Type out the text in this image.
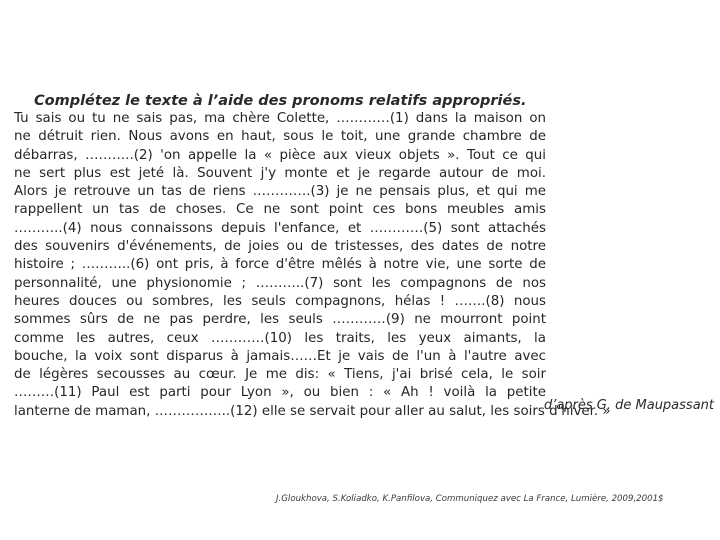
Complétez le texte à l’aide des pronoms relatifs appropriés.
Tu sais ou tu ne sais pas, ma chère Colette, …………(1) dans la maison on
ne détruit rien. Nous avons en haut, sous le toit, une grande chambre de
débarras, ………..(2) 'on appelle la « pièce aux vieux objets ». Tout ce qui
ne sert plus est jeté là. Souvent j'y monte et je regarde autour de moi.
Alors je retrouve un tas de riens ………….(3) je ne pensais plus, et qui me
rappellent un tas de choses. Ce ne sont point ces bons meubles amis
………..(4) nous connaissons depuis l'enfance, et …………(5) sont attachés
des souvenirs d'événements, de joies ou de tristesses, des dates de notre
histoire ; ………..(6) ont pris, à force d'être mêlés à notre vie, une sorte de
personnalité, une physionomie ; ………..(7) sont les compagnons de nos
heures douces ou sombres, les seuls compagnons, hélas ! …….(8) nous
sommes sûrs de ne pas perdre, les seuls …………(9) ne mourront point
comme les autres, ceux …………(10) les traits, les yeux aimants, la
bouche, la voix sont disparus à jamais……Et je vais de l'un à l'autre avec
de légères secousses au cœur. Je me dis: « Tiens, j'ai brisé cela, le soir
………(11) Paul est parti pour Lyon », ou bien : « Ah ! voilà la petite
lanterne de maman, ……………..(12) elle se servait pour aller au salut, les soirs d'hiver. »
d’après G. de Maupassant
J.Gloukhova, S.Koliadko, K.Panfilova, Communiquez avec La France, Lumière, 2009,2001$
